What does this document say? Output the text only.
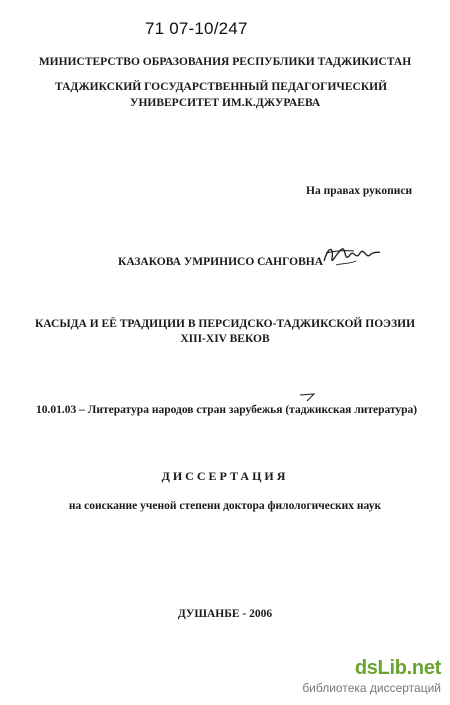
71 07-10/247
МИНИСТЕРСТВО ОБРАЗОВАНИЯ РЕСПУБЛИКИ ТАДЖИКИСТАН
ТАДЖИКСКИЙ ГОСУДАРСТВЕННЫЙ ПЕДАГОГИЧЕСКИЙ
УНИВЕРСИТЕТ ИМ.К.ДЖУРАЕВА
На правах рукописи
КАЗАКОВА УМРИНИСО САНГОВНА
КАСЫДА И ЕЁ ТРАДИЦИИ В ПЕРСИДСКО-ТАДЖИКСКОЙ ПОЭЗИИ
XIII-XIV ВЕКОВ
10.01.03 – Литература народов стран зарубежья (таджикская литература)
ДИССЕРТАЦИЯ
на соискание ученой степени доктора филологических наук
ДУШАНБЕ - 2006
dsLib.net
библиотека диссертаций
